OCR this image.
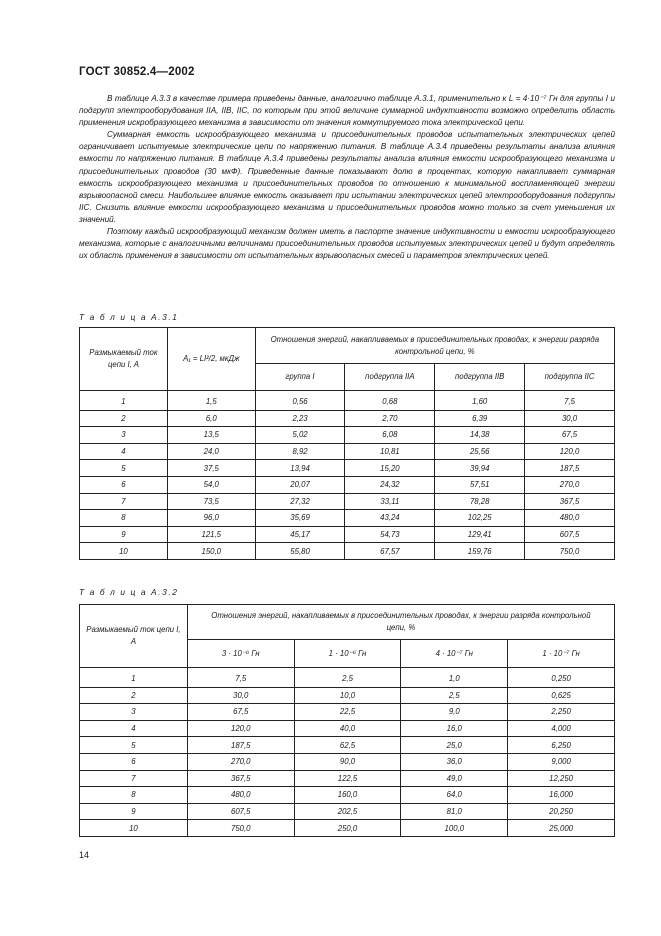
ГОСТ 30852.4—2002

В таблице А.3.3 в качестве примера приведены данные, аналогично таблице А.3.1, применительно к L = 4·10⁻⁷ Гн для группы I и подгрупп электрооборудования IIA, IIB, IIC, по которым при этой величине суммарной индуктивности возможно определить область применения искробразующего механизма в зависимости от значения коммутируемого тока электрической цепи.

Суммарная емкость искрообразующего механизма и присоединительных проводов испытательных электрических цепей ограничивает испытуемые электрические цепи по напряжению питания. В таблице А.3.4 приведены результаты анализа влияния емкости по напряжению питания. В таблице А.3.4 приведены результаты анализа влияния емкости искрообразующего механизма и присоединительных проводов (30 мкФ). Приведенные данные показывают долю в процентах, которую накапливает суммарная емкость искрообразующего механизма и присоединительных проводов по отношению к минимальной воспламеняющей энергии взрывоопасной смеси. Наибольшее влияние емкость оказывает при испытании электрических цепей электрооборудования подгруппы IIC. Снизить влияние емкости искрообразующего механизма и присоединительных проводов можно только за счет уменьшения их значений.

Поэтому каждый искрообразующий механизм должен иметь в паспорте значение индуктивности и емкости искрообразующего механизма, которые с аналогичными величинами присоединительных проводов испытуемых электрических цепей и будут определять их область применения в зависимости от испытательных взрывоопасных смесей и параметров электрических цепей.

Т а б л и ц а А.3.1
Размыкаемый ток цепи I, A	A₁ = LI²/2, мкДж	Отношения энергий, накапливаемых в присоединительных проводах, к энергии разряда контрольной цепи, %			
		группа I	подгруппа IIA	подгруппа IIB	подгруппа IIC
1	1,5	0,56	0,68	1,60	7,5
2	6,0	2,23	2,70	6,39	30,0
3	13,5	5,02	6,08	14,38	67,5
4	24,0	8,92	10,81	25,56	120,0
5	37,5	13,94	15,20	39,94	187,5
6	54,0	20,07	24,32	57,51	270,0
7	73,5	27,32	33,11	78,28	367,5
8	96,0	35,69	43,24	102,25	480,0
9	121,5	45,17	54,73	129,41	607,5
10	150,0	55,80	67,57	159,76	750,0
Т а б л и ц а А.3.2
Размыкаемый ток цепи I, A	Отношения энергий, накапливаемых в присоединительных проводах, к энергии разряда контрольной цепи, %			
	3 · 10⁻⁶ Гн	1 · 10⁻⁶ Гн	4 · 10⁻⁷ Гн	1 · 10⁻⁷ Гн
1	7,5	2,5	1,0	0,250
2	30,0	10,0	2,5	0,625
3	67,5	22,5	9,0	2,250
4	120,0	40,0	16,0	4,000
5	187,5	62,5	25,0	6,250
6	270,0	90,0	36,0	9,000
7	367,5	122,5	49,0	12,250
8	480,0	160,0	64,0	16,000
9	607,5	202,5	81,0	20,250
10	750,0	250,0	100,0	25,000
14
